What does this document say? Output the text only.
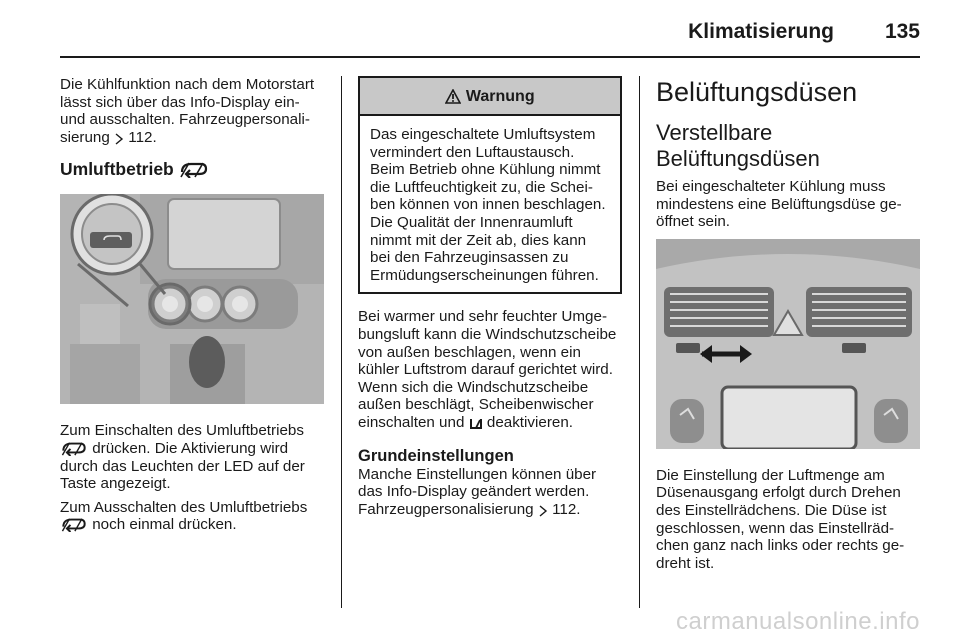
Klimatisierung 135
Die Kühlfunktion nach dem Motorstart lässt sich über das Info-Display ein- und ausschalten. Fahrzeugpersonalisierung 112.
Umluftbetrieb
Zum Einschalten des Umluftbetriebs  drücken. Die Aktivierung wird durch das Leuchten der LED auf der Taste angezeigt.
Zum Ausschalten des Umluftbetriebs  noch einmal drücken.
Warnung
Das eingeschaltete Umluftsystem vermindert den Luftaustausch. Beim Betrieb ohne Kühlung nimmt die Luftfeuchtigkeit zu, die Scheiben können von innen beschlagen. Die Qualität der Innenraumluft nimmt mit der Zeit ab, dies kann bei den Fahrzeuginsassen zu Ermüdungserscheinungen führen.
Bei warmer und sehr feuchter Umgebungsluft kann die Windschutzscheibe von außen beschlagen, wenn ein kühler Luftstrom darauf gerichtet wird. Wenn sich die Windschutzscheibe außen beschlägt, Scheibenwischer einschalten und deaktivieren.
Grundeinstellungen
Manche Einstellungen können über das Info-Display geändert werden. Fahrzeugpersonalisierung 112.
Belüftungsdüsen
Verstellbare Belüftungsdüsen
Bei eingeschalteter Kühlung muss mindestens eine Belüftungsdüse geöffnet sein.
Die Einstellung der Luftmenge am Düsenausgang erfolgt durch Drehen des Einstellrädchens. Die Düse ist geschlossen, wenn das Einstellrädchen ganz nach links oder rechts gedreht ist.
carmanualsonline.info
